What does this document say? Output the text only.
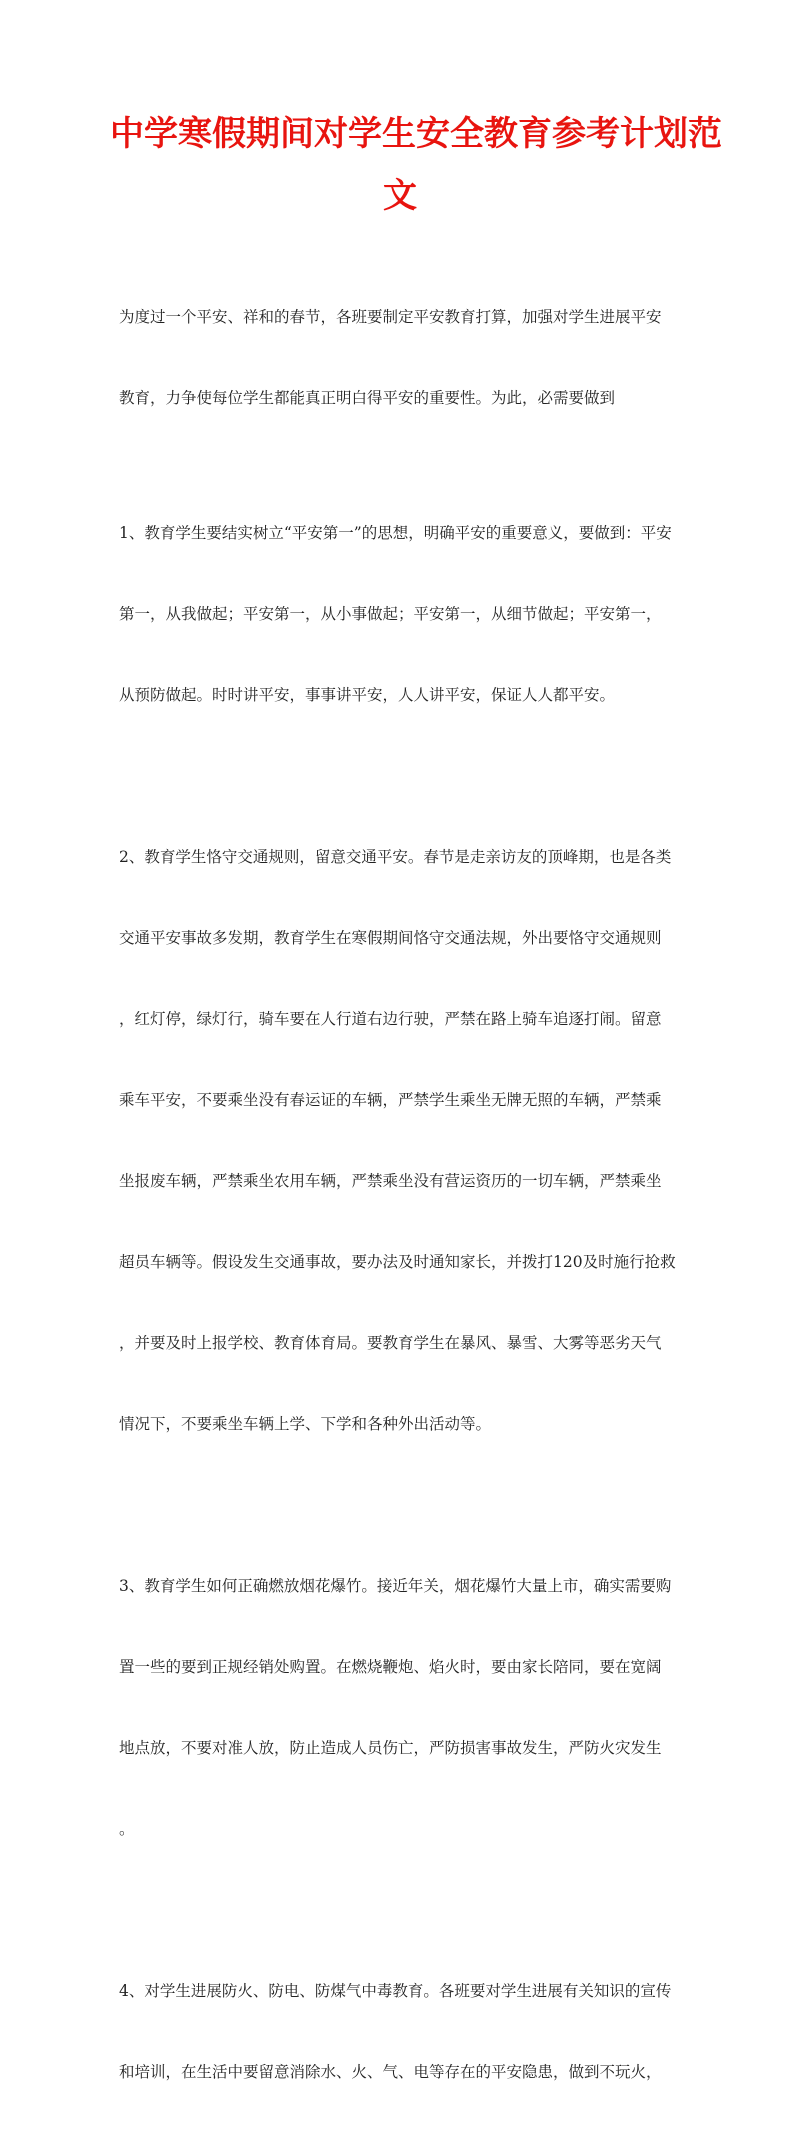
中学寒假期间对学生安全教育参考计划范
文

为度过一个平安、祥和的春节，各班要制定平安教育打算，加强对学生进展平安

教育，力争使每位学生都能真正明白得平安的重要性。为此，必需要做到

1、教育学生要结实树立“平安第一”的思想，明确平安的重要意义，要做到：平安

第一，从我做起；平安第一，从小事做起；平安第一，从细节做起；平安第一，

从预防做起。时时讲平安，事事讲平安，人人讲平安，保证人人都平安。

2、教育学生恪守交通规则，留意交通平安。春节是走亲访友的顶峰期，也是各类

交通平安事故多发期，教育学生在寒假期间恪守交通法规，外出要恪守交通规则

，红灯停，绿灯行，骑车要在人行道右边行驶，严禁在路上骑车追逐打闹。留意

乘车平安，不要乘坐没有春运证的车辆，严禁学生乘坐无牌无照的车辆，严禁乘

坐报废车辆，严禁乘坐农用车辆，严禁乘坐没有营运资历的一切车辆，严禁乘坐

超员车辆等。假设发生交通事故，要办法及时通知家长，并拨打120及时施行抢救

，并要及时上报学校、教育体育局。要教育学生在暴风、暴雪、大雾等恶劣天气

情况下，不要乘坐车辆上学、下学和各种外出活动等。

3、教育学生如何正确燃放烟花爆竹。接近年关，烟花爆竹大量上市，确实需要购

置一些的要到正规经销处购置。在燃烧鞭炮、焰火时，要由家长陪同，要在宽阔

地点放，不要对准人放，防止造成人员伤亡，严防损害事故发生，严防火灾发生

。

4、对学生进展防火、防电、防煤气中毒教育。各班要对学生进展有关知识的宣传

和培训，在生活中要留意消除水、火、气、电等存在的平安隐患，做到不玩火，
